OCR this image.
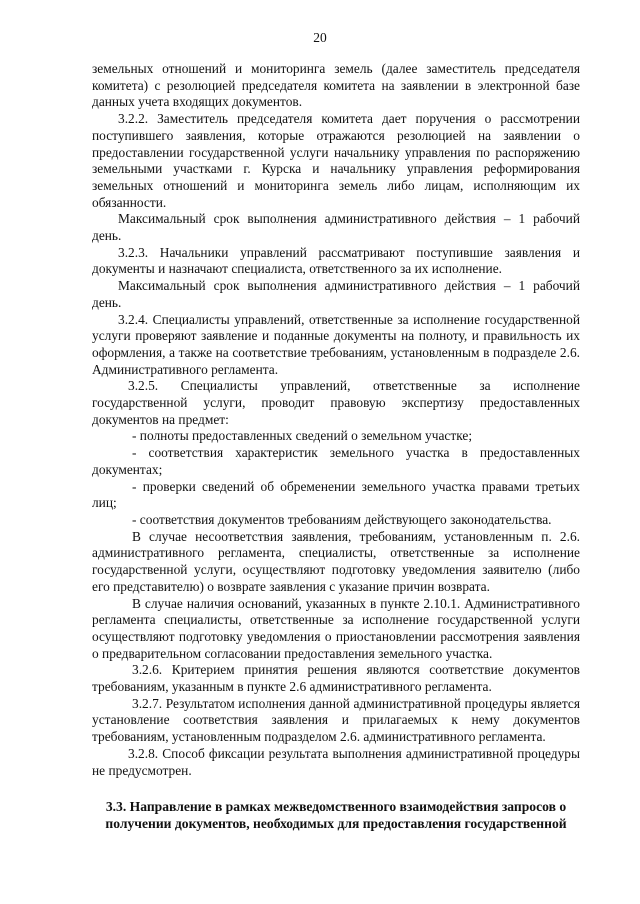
20

земельных отношений и мониторинга земель (далее заместитель председателя комитета) с резолюцией председателя комитета на заявлении в электронной базе данных учета входящих документов.

3.2.2. Заместитель председателя комитета дает поручения о рассмотрении поступившего заявления, которые отражаются резолюцией на заявлении о предоставлении государственной услуги начальнику управления по распоряжению земельными участками г. Курска и начальнику управления реформирования земельных отношений и мониторинга земель либо лицам, исполняющим их обязанности.

Максимальный срок выполнения административного действия – 1 рабочий день.

3.2.3. Начальники управлений рассматривают поступившие заявления и документы и назначают специалиста, ответственного за их исполнение.

Максимальный срок выполнения административного действия – 1 рабочий день.

3.2.4. Специалисты управлений, ответственные за исполнение государственной услуги проверяют заявление и поданные документы на полноту, и правильность их оформления, а также на соответствие требованиям, установленным в подразделе 2.6. Административного регламента.

3.2.5. Специалисты управлений, ответственные за исполнение государственной услуги, проводит правовую экспертизу предоставленных документов на предмет:

- полноты предоставленных сведений о земельном участке;

- соответствия характеристик земельного участка в предоставленных документах;

- проверки сведений об обременении земельного участка правами третьих лиц;

- соответствия документов требованиям действующего законодательства.

В случае несоответствия заявления, требованиям, установленным п. 2.6. административного регламента, специалисты, ответственные за исполнение государственной услуги, осуществляют подготовку уведомления заявителю (либо его представителю) о возврате заявления с указание причин возврата.

В случае наличия оснований, указанных в пункте 2.10.1. Административного регламента специалисты, ответственные за исполнение государственной услуги осуществляют подготовку уведомления о приостановлении рассмотрения заявления о предварительном согласовании предоставления земельного участка.

3.2.6. Критерием принятия решения являются соответствие документов требованиям, указанным в пункте 2.6 административного регламента.

3.2.7. Результатом исполнения данной административной процедуры является установление соответствия заявления и прилагаемых к нему документов требованиям, установленным подразделом 2.6. административного регламента.

3.2.8. Способ фиксации результата выполнения административной процедуры не предусмотрен.

3.3. Направление в рамках межведомственного взаимодействия запросов о

получении документов, необходимых для предоставления государственной
